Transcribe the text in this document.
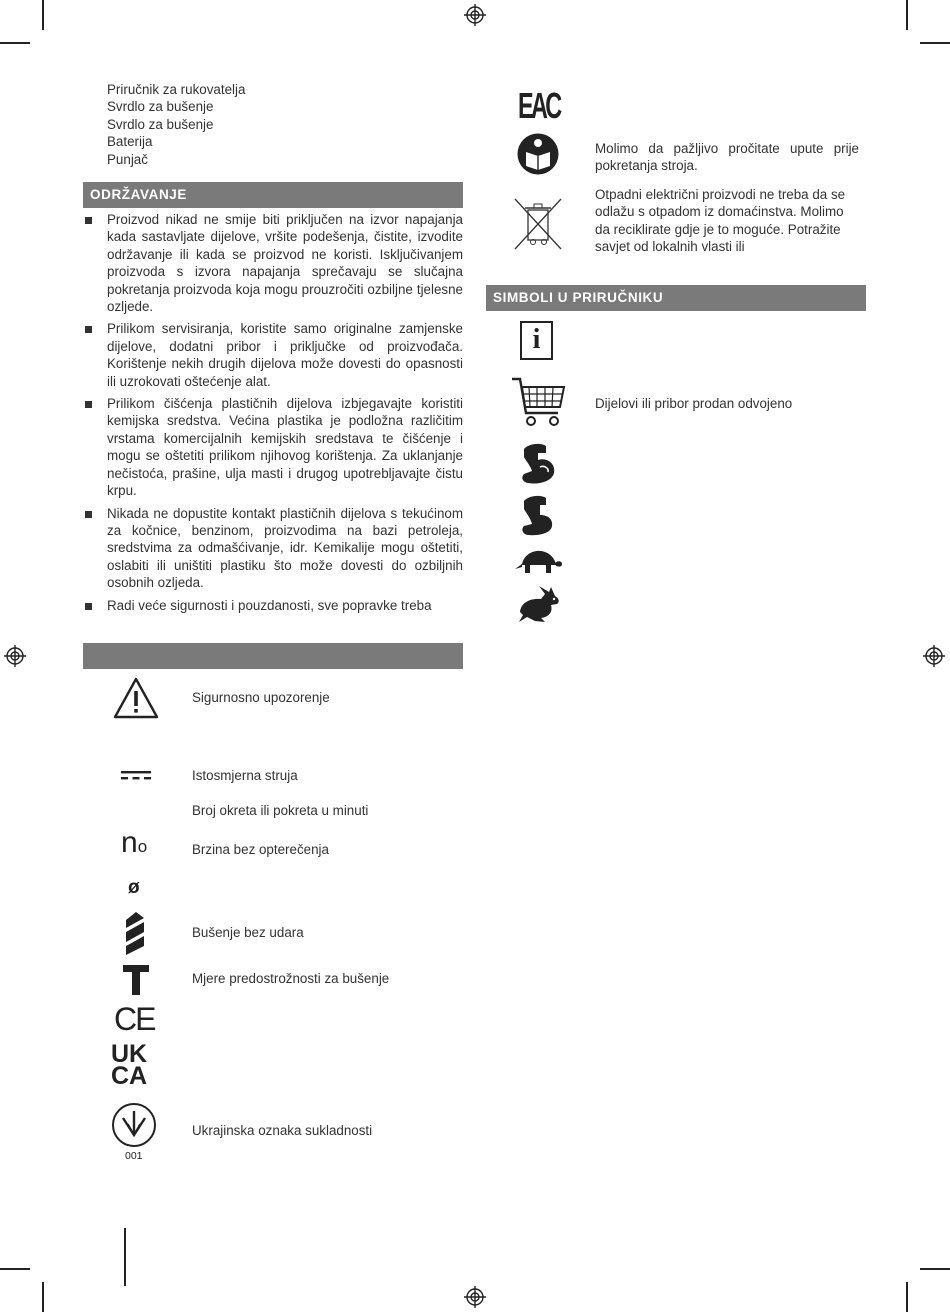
Priručnik za rukovatelja
Svrdlo za bušenje
Svrdlo za bušenje
Baterija
Punjač
ODRŽAVANJE
Proizvod nikad ne smije biti priključen na izvor napajanja kada sastavljate dijelove, vršite podešenja, čistite, izvodite održavanje ili kada se proizvod ne koristi. Isključivanjem proizvoda s izvora napajanja sprečavaju se slučajna pokretanja proizvoda koja mogu prouzročiti ozbiljne tjelesne ozljede.
Prilikom servisiranja, koristite samo originalne zamjenske dijelove, dodatni pribor i priključke od proizvođača. Korištenje nekih drugih dijelova može dovesti do opasnosti ili uzrokovati oštećenje alat.
Prilikom čišćenja plastičnih dijelova izbjegavajte koristiti kemijska sredstva. Većina plastika je podložna različitim vrstama komercijalnih kemijskih sredstava te čišćenje i mogu se oštetiti prilikom njihovog korištenja. Za uklanjanje nečistoća, prašine, ulja masti i drugog upotrebljavajte čistu krpu.
Nikada ne dopustite kontakt plastičnih dijelova s tekućinom za kočnice, benzinom, proizvodima na bazi petroleja, sredstvima za odmašćivanje, idr. Kemikalije mogu oštetiti, oslabiti ili uništiti plastiku što može dovesti do ozbiljnih osobnih ozljeda.
Radi veće sigurnosti i pouzdanosti, sve popravke treba
Sigurnosno upozorenje
Istosmjerna struja
Broj okreta ili pokreta u minuti
no	Brzina bez opterečenja
ø
Bušenje bez udara
Mjere predostrožnosti za bušenje
CE
UK
CA
001
Ukrajinska oznaka sukladnosti
EAC
Molimo da pažljivo pročitate upute prije pokretanja stroja.
Otpadni električni proizvodi ne treba da se odlažu s otpadom iz domaćinstva. Molimo da reciklirate gdje je to moguće. Potražite savjet od lokalnih vlasti ili
SIMBOLI U PRIRUČNIKU
i
Dijelovi ili pribor prodan odvojeno
